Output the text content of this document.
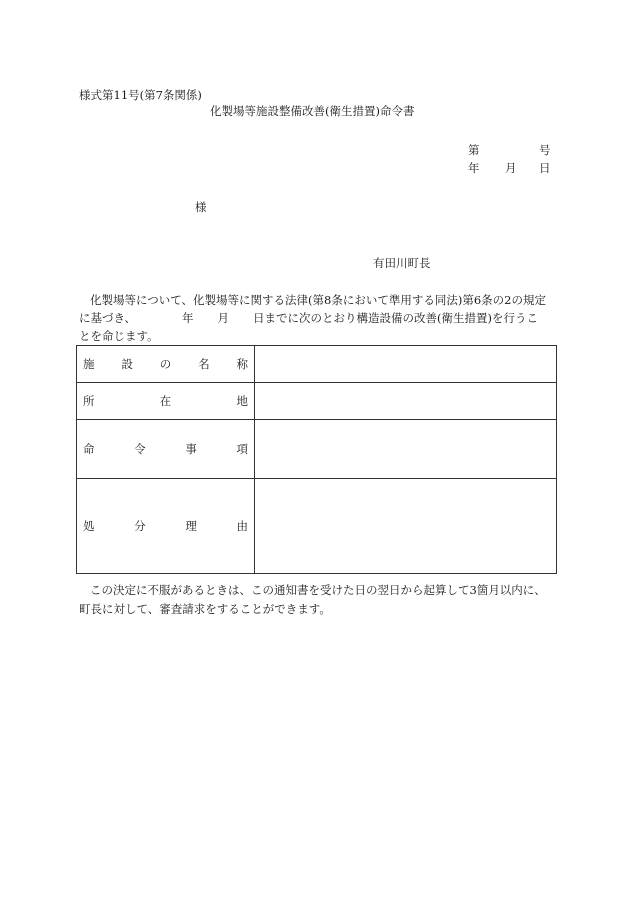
様式第11号(第7条関係)
化製場等施設整備改善(衛生措置)命令書
第	号
年 月 日
様
有田川町長
化製場等について、化製場等に関する法律(第8条において準用する同法)第6条の2の規定
に基づき、	年 月 日までに次のとおり構造設備の改善(衛生措置)を行うこ
とを命じます。
施 設 の 名 称	

所 在 地	

命 令 事 項	

処 分 理 由	

この決定に不服があるときは、この通知書を受けた日の翌日から起算して3箇月以内に、
町長に対して、審査請求をすることができます。
